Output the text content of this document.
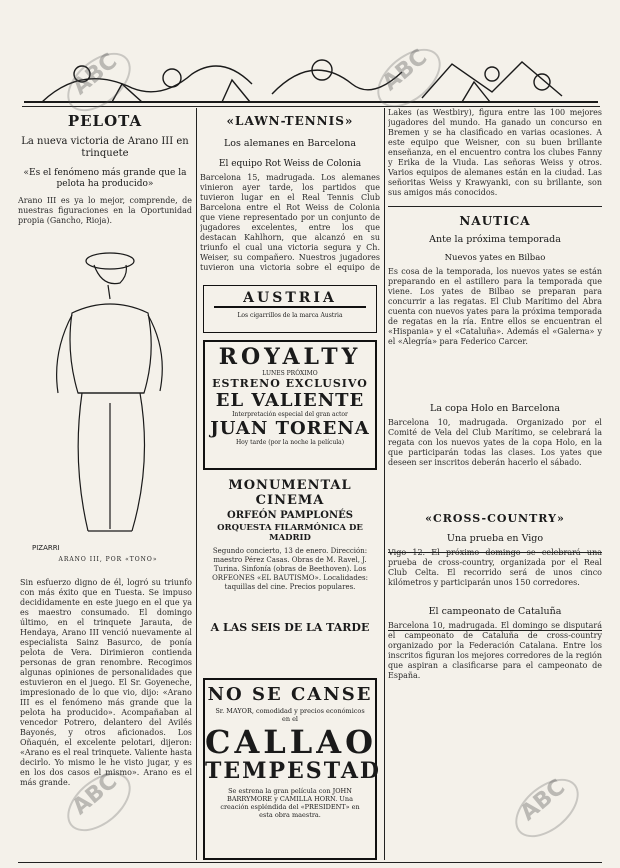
PELOTA
La nueva victoria de Arano III en trinquete
«Es el fenómeno más grande que la pelota ha producido»
Arano III es ya lo mejor, comprende, de nuestras figuraciones en la Oportunidad propia (Gancho, Rioja).
PIZARRI
ARANO III, POR «TONO»
Sin esfuerzo digno de él, logró su triunfo con más éxito que en Tuesta. Se impuso decididamente en este juego en el que ya es maestro consumado. El domingo último, en el trinquete Jarauta, de Hendaya, Arano III venció nuevamente al especialista Sainz Basurco, de ponía pelota de Vera. Dirimieron contienda personas de gran renombre. Recogimos algunas opiniones de personalidades que estuvieron en el juego. El Sr. Goyeneche, impresionado de lo que vio, dijo: «Arano III es el fenómeno más grande que la pelota ha producido». Acompañaban al vencedor Potrero, delantero del Avilés Bayonés, y otros aficionados. Los Oñaquén, el excelente pelotari, dijeron: «Arano es el real trinquete. Valiente hasta decirlo. Yo mismo le he visto jugar, y es en los dos casos el mismo». Arano es el más grande.
«LAWN-TENNIS»
Los alemanes en Barcelona
El equipo Rot Weiss de Colonia
Barcelona 15, madrugada. Los alemanes vinieron ayer tarde, los partidos que tuvieron lugar en el Real Tennis Club Barcelona entre el Rot Weiss de Colonia que viene representado por un conjunto de jugadores excelentes, entre los que destacan Kahlhorn, que alcanzó en su triunfo el cual una victoria segura y Ch. Weiser, su compañero. Nuestros jugadores tuvieron una victoria sobre el equipo de
AUSTRIA
Los cigarrillos de la marca Austria
ROYALTY
LUNES PRÓXIMO
ESTRENO EXCLUSIVO
EL VALIENTE
Interpretación especial del gran actor
JUAN TORENA
Hoy tarde (por la noche la película)
MONUMENTAL CINEMA
ORFEÓN PAMPLONÉS
ORQUESTA FILARMÓNICA DE MADRID
Segundo concierto, 13 de enero. Dirección: maestro Pérez Casas. Obras de M. Ravel, J. Turina. Sinfonía (obras de Beethoven). Los ORFEONES «EL BAUTISMO». Localidades: taquillas del cine. Precios populares.
A LAS SEIS DE LA TARDE
NO SE CANSE
Sr. MAYOR, comodidad y precios económicos en el
CALLAO
TEMPESTAD
Se estrena la gran película con JOHN BARRYMORE y CAMILLA HORN. Una creación espléndida del «PRESIDENT» en esta obra maestra.
Lakes (as Westbiry), figura entre las 100 mejores jugadores del mundo. Ha ganado un concurso en Bremen y se ha clasificado en varias ocasiones. A este equipo que Weisner, con su buen brillante enseñanza, en el encuentro contra los clubes Fanny y Erika de la Viuda. Las señoras Weiss y otros. Varios equipos de alemanes están en la ciudad. Las señoritas Weiss y Krawyanki, con su brillante, son sus amigos más conocidos.
NAUTICA
Ante la próxima temporada
Nuevos yates en Bilbao
Es cosa de la temporada, los nuevos yates se están preparando en el astillero para la temporada que viene. Los yates de Bilbao se preparan para concurrir a las regatas. El Club Marítimo del Abra cuenta con nuevos yates para la próxima temporada de regatas en la ría. Entre ellos se encuentran el «Hispania» y el «Cataluña». Además el «Galerna» y el «Alegría» para Federico Carcer.
La copa Holo en Barcelona
Barcelona 10, madrugada. Organizado por el Comité de Vela del Club Marítimo, se celebrará la regata con los nuevos yates de la copa Holo, en la que participarán todas las clases. Los yates que deseen ser inscritos deberán hacerlo el sábado.
«CROSS-COUNTRY»
Una prueba en Vigo
prueba de cross-country, organizada por el Real Club Celta. El recorrido será de unos cinco kilómetros y participarán unos 150 corredores.
El campeonato de Cataluña
Barcelona 10, madrugada. El domingo se disputará el campeonato de Cataluña de cross-country organizado por la Federación Catalana. Entre los inscritos figuran los mejores corredores de la región que aspiran a clasificarse para el campeonato de España.
ABC	ABC
ABC	ABC
